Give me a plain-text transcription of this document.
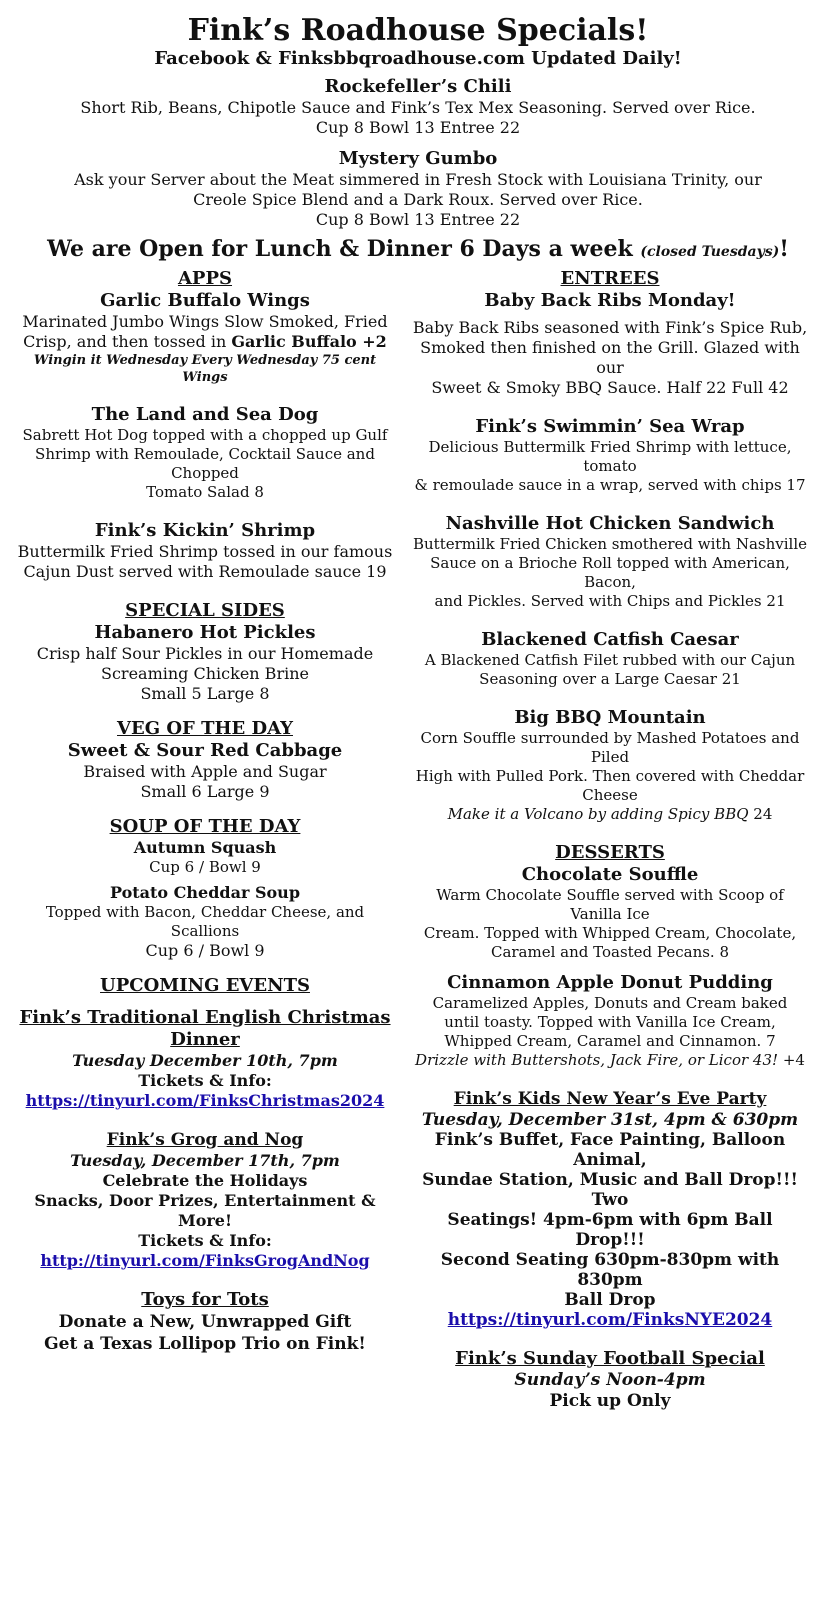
Fink’s Roadhouse Specials!
Facebook & Finksbbqroadhouse.com Updated Daily!
Rockefeller’s Chili
Short Rib, Beans, Chipotle Sauce and Fink’s Tex Mex Seasoning. Served over Rice.
Cup 8 Bowl 13 Entree 22
Mystery Gumbo
Ask your Server about the Meat simmered in Fresh Stock with Louisiana Trinity, our
Creole Spice Blend and a Dark Roux. Served over Rice.
Cup 8 Bowl 13 Entree 22
We are Open for Lunch & Dinner 6 Days a week (closed Tuesdays)!
APPS
Garlic Buffalo Wings
Marinated Jumbo Wings Slow Smoked, Fried
Crisp, and then tossed in Garlic Buffalo +2
Wingin it Wednesday Every Wednesday 75 cent Wings
The Land and Sea Dog
Sabrett Hot Dog topped with a chopped up Gulf
Shrimp with Remoulade, Cocktail Sauce and Chopped
Tomato Salad 8
Fink’s Kickin’ Shrimp
Buttermilk Fried Shrimp tossed in our famous
Cajun Dust served with Remoulade sauce 19
SPECIAL SIDES
Habanero Hot Pickles
Crisp half Sour Pickles in our Homemade
Screaming Chicken Brine
Small 5 Large 8
VEG OF THE DAY
Sweet & Sour Red Cabbage
Braised with Apple and Sugar
Small 6 Large 9
SOUP OF THE DAY
Autumn Squash
Cup 6 / Bowl 9
Potato Cheddar Soup
Topped with Bacon, Cheddar Cheese, and Scallions
Cup 6 / Bowl 9
UPCOMING EVENTS
Fink’s Traditional English Christmas
Dinner
Tuesday December 10th, 7pm
Tickets & Info:
https://tinyurl.com/FinksChristmas2024
Fink’s Grog and Nog
Tuesday, December 17th, 7pm
Celebrate the Holidays
Snacks, Door Prizes, Entertainment & More!
Tickets & Info:
http://tinyurl.com/FinksGrogAndNog
Toys for Tots
Donate a New, Unwrapped Gift
Get a Texas Lollipop Trio on Fink!
ENTREES
Baby Back Ribs Monday!
Baby Back Ribs seasoned with Fink’s Spice Rub,
Smoked then finished on the Grill. Glazed with our
Sweet & Smoky BBQ Sauce. Half 22 Full 42
Fink’s Swimmin’ Sea Wrap
Delicious Buttermilk Fried Shrimp with lettuce, tomato
& remoulade sauce in a wrap, served with chips 17
Nashville Hot Chicken Sandwich
Buttermilk Fried Chicken smothered with Nashville
Sauce on a Brioche Roll topped with American, Bacon,
and Pickles. Served with Chips and Pickles 21
Blackened Catfish Caesar
A Blackened Catfish Filet rubbed with our Cajun
Seasoning over a Large Caesar 21
Big BBQ Mountain
Corn Souffle surrounded by Mashed Potatoes and Piled
High with Pulled Pork. Then covered with Cheddar
Cheese
Make it a Volcano by adding Spicy BBQ 24
DESSERTS
Chocolate Souffle
Warm Chocolate Souffle served with Scoop of Vanilla Ice
Cream. Topped with Whipped Cream, Chocolate,
Caramel and Toasted Pecans. 8
Cinnamon Apple Donut Pudding
Caramelized Apples, Donuts and Cream baked
until toasty. Topped with Vanilla Ice Cream,
Whipped Cream, Caramel and Cinnamon. 7
Drizzle with Buttershots, Jack Fire, or Licor 43! +4
Fink’s Kids New Year’s Eve Party
Tuesday, December 31st, 4pm & 630pm
Fink’s Buffet, Face Painting, Balloon Animal,
Sundae Station, Music and Ball Drop!!! Two
Seatings! 4pm-6pm with 6pm Ball Drop!!!
Second Seating 630pm-830pm with 830pm
Ball Drop
https://tinyurl.com/FinksNYE2024
Fink’s Sunday Football Special
Sunday’s Noon-4pm
Pick up Only
